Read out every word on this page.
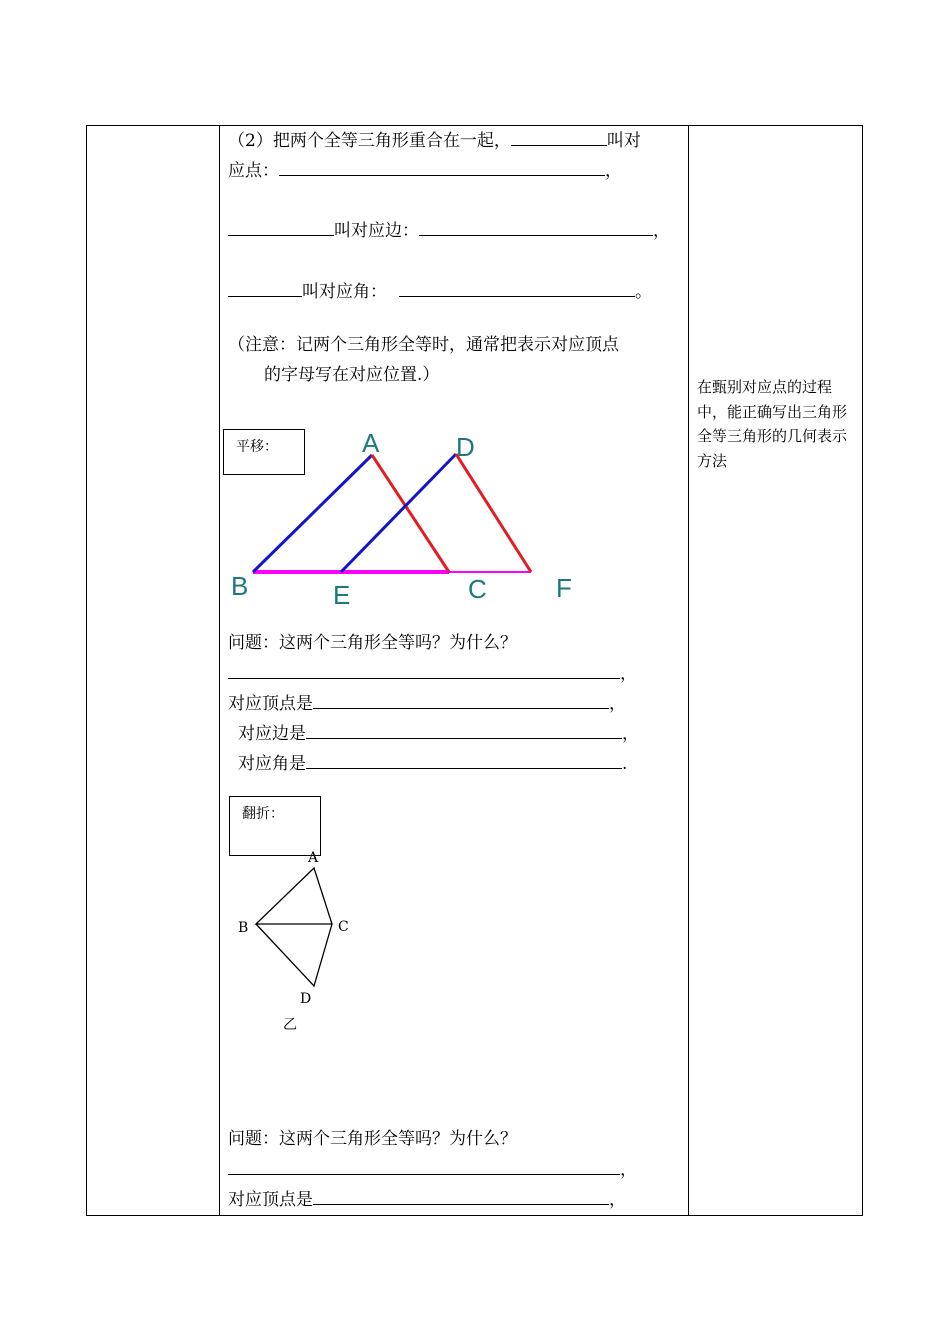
（2）把两个全等三角形重合在一起，	叫对
应点：	，
叫对应边：	，
叫对应角：	。
（注意：记两个三角形全等时，通常把表示对应顶点
的字母写在对应位置.）
问题：这两个三角形全等吗？为什么？
，
对应顶点是	，
对应边是	，
对应角是	.
问题：这两个三角形全等吗？为什么？
，
对应顶点是	，
平移：	A	D
B	E	C	F
翻折：
A
B	C
D
乙
在甄别对应点的过程中，能正确写出三角形全等三角形的几何表示方法
